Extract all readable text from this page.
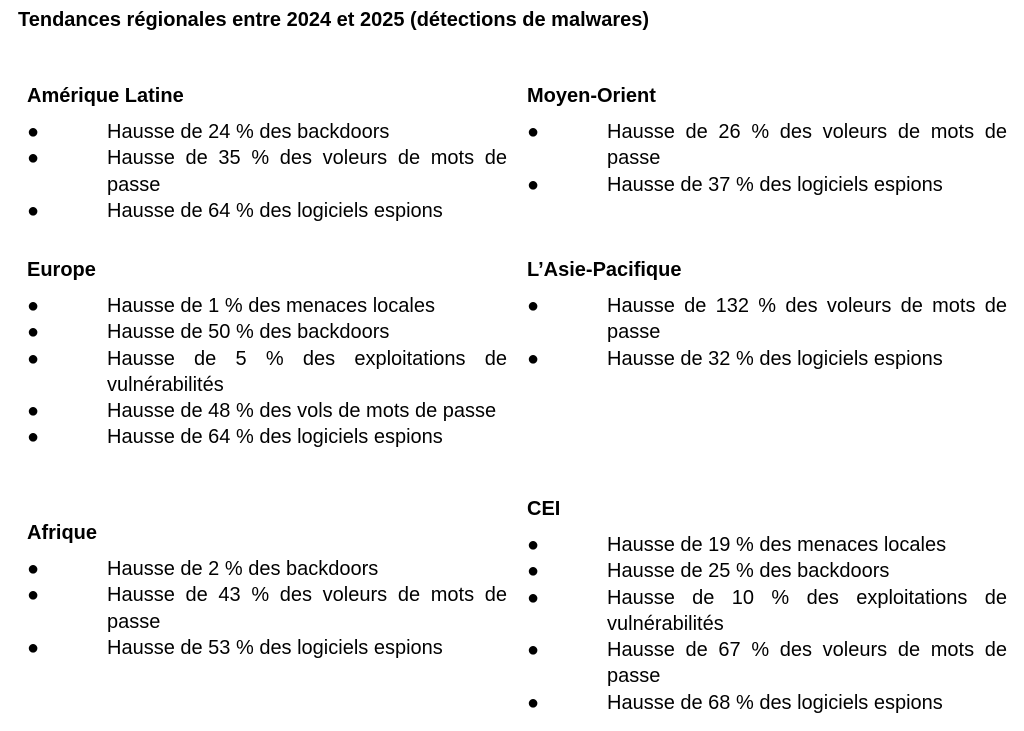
Tendances régionales entre 2024 et 2025 (détections de malwares)
Amérique Latine
●	Hausse de 24 % des backdoors
●	Hausse de 35 % des voleurs de mots de passe
●	Hausse de 64 % des logiciels espions
Europe
●	Hausse de 1 % des menaces locales
●	Hausse de 50 % des backdoors
●	Hausse de 5 % des exploitations de vulnérabilités
●	Hausse de 48 % des vols de mots de passe
●	Hausse de 64 % des logiciels espions
Afrique
●	Hausse de 2 % des backdoors
●	Hausse de 43 % des voleurs de mots de passe
●	Hausse de 53 % des logiciels espions
Moyen-Orient
●	Hausse de 26 % des voleurs de mots de passe
●	Hausse de 37 % des logiciels espions
L’Asie-Pacifique
●	Hausse de 132 % des voleurs de mots de passe
●	Hausse de 32 % des logiciels espions
CEI
●	Hausse de 19 % des menaces locales
●	Hausse de 25 % des backdoors
●	Hausse de 10 % des exploitations de vulnérabilités
●	Hausse de 67 % des voleurs de mots de passe
●	Hausse de 68 % des logiciels espions
